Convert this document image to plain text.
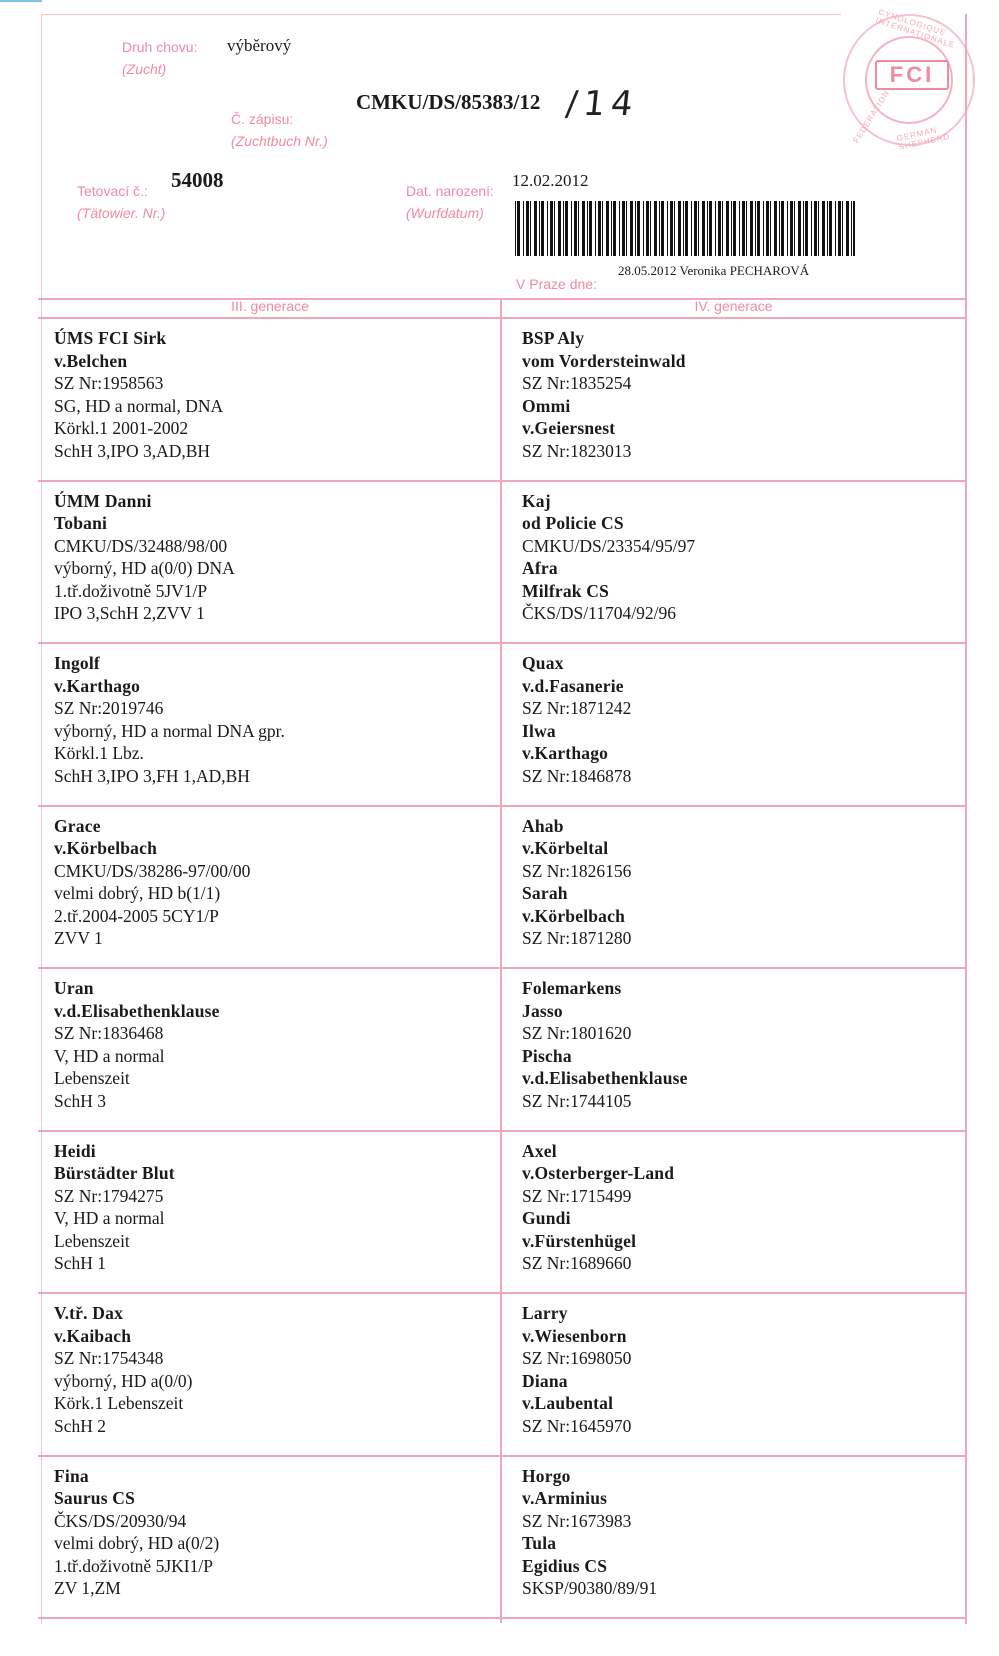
Druh chovu:
(Zucht)
výběrový
Č. zápisu:
(Zuchtbuch Nr.)
CMKU/DS/85383/12 /14
Tetovací č.:
(Tätowier. Nr.)
54008	Dat. narození:
(Wurfdatum)
12.02.2012
28.05.2012 Veronika PECHAROVÁ
V Praze dne:
FCI
CYNOLOGIQUE INTERNATIONALE
FEDERATION GERMAN SHEPHERD
III. generace	IV. generace
ÚMS FCI Sirk
v.Belchen
SZ Nr:1958563
SG, HD a normal, DNA
Körkl.1 2001-2002
SchH 3,IPO 3,AD,BH
BSP Aly
vom Vordersteinwald
SZ Nr:1835254
Ommi
v.Geiersnest
SZ Nr:1823013
ÚMM Danni
Tobani
CMKU/DS/32488/98/00
výborný, HD a(0/0) DNA
1.tř.doživotně 5JV1/P
IPO 3,SchH 2,ZVV 1
Kaj
od Policie CS
CMKU/DS/23354/95/97
Afra
Milfrak CS
ČKS/DS/11704/92/96
Ingolf
v.Karthago
SZ Nr:2019746
výborný, HD a normal DNA gpr.
Körkl.1 Lbz.
SchH 3,IPO 3,FH 1,AD,BH
Quax
v.d.Fasanerie
SZ Nr:1871242
Ilwa
v.Karthago
SZ Nr:1846878
Grace
v.Körbelbach
CMKU/DS/38286-97/00/00
velmi dobrý, HD b(1/1)
2.tř.2004-2005 5CY1/P
ZVV 1
Ahab
v.Körbeltal
SZ Nr:1826156
Sarah
v.Körbelbach
SZ Nr:1871280
Uran
v.d.Elisabethenklause
SZ Nr:1836468
V, HD a normal
Lebenszeit
SchH 3
Folemarkens
Jasso
SZ Nr:1801620
Pischa
v.d.Elisabethenklause
SZ Nr:1744105
Heidi
Bürstädter Blut
SZ Nr:1794275
V, HD a normal
Lebenszeit
SchH 1
Axel
v.Osterberger-Land
SZ Nr:1715499
Gundi
v.Fürstenhügel
SZ Nr:1689660
V.tř. Dax
v.Kaibach
SZ Nr:1754348
výborný, HD a(0/0)
Körk.1 Lebenszeit
SchH 2
Larry
v.Wiesenborn
SZ Nr:1698050
Diana
v.Laubental
SZ Nr:1645970
Fina
Saurus CS
ČKS/DS/20930/94
velmi dobrý, HD a(0/2)
1.tř.doživotně 5JKI1/P
ZV 1,ZM
Horgo
v.Arminius
SZ Nr:1673983
Tula
Egidius CS
SKSP/90380/89/91
